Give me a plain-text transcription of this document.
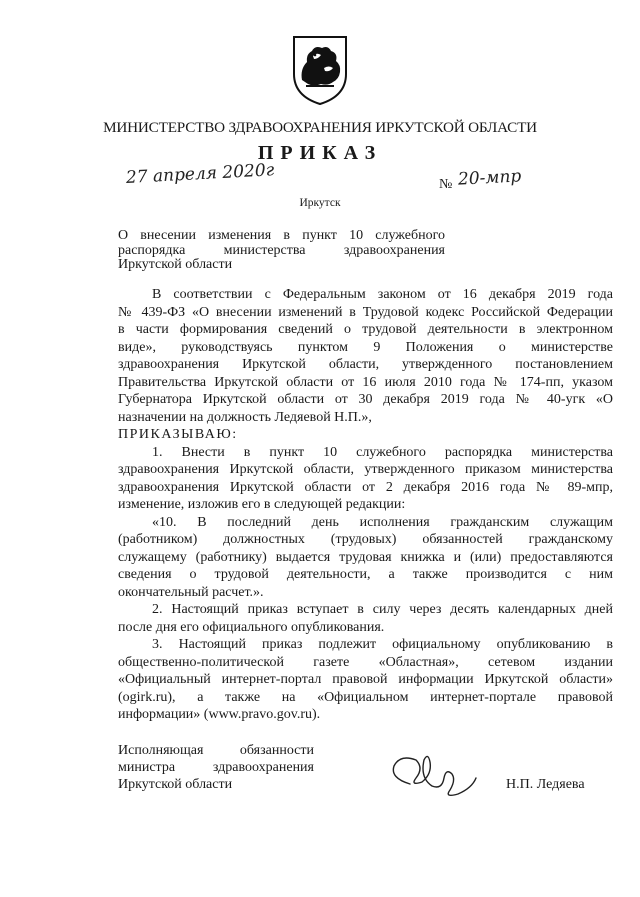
МИНИСТЕРСТВО ЗДРАВООХРАНЕНИЯ ИРКУТСКОЙ ОБЛАСТИ
ПРИКАЗ
27 апреля 2020г	№ 20-мпр
Иркутск
О внесении изменения в пункт 10 служебного
распорядка министерства здравоохранения
Иркутской области
В соответствии с Федеральным законом от 16 декабря 2019 года
№ 439-ФЗ «О внесении изменений в Трудовой кодекс Российской Федерации
в части формирования сведений о трудовой деятельности в электронном
виде», руководствуясь пунктом 9 Положения о министерстве
здравоохранения Иркутской области, утвержденного постановлением
Правительства Иркутской области от 16 июля 2010 года № 174-пп, указом
Губернатора Иркутской области от 30 декабря 2019 года № 40-угк «О
назначении на должность Ледяевой Н.П.»,
ПРИКАЗЫВАЮ:
1. Внести в пункт 10 служебного распорядка министерства
здравоохранения Иркутской области, утвержденного приказом министерства
здравоохранения Иркутской области от 2 декабря 2016 года № 89-мпр,
изменение, изложив его в следующей редакции:
«10. В последний день исполнения гражданским служащим
(работником) должностных (трудовых) обязанностей гражданскому
служащему (работнику) выдается трудовая книжка и (или) предоставляются
сведения о трудовой деятельности, а также производится с ним
окончательный расчет.».
2. Настоящий приказ вступает в силу через десять календарных дней
после дня его официального опубликования.
3. Настоящий приказ подлежит официальному опубликованию в
общественно-политической газете «Областная», сетевом издании
«Официальный интернет-портал правовой информации Иркутской области»
(ogirk.ru), а также на «Официальном интернет-портале правовой
информации» (www.pravo.gov.ru).
Исполняющая обязанности
министра здравоохранения
Иркутской области	Н.П. Ледяева
